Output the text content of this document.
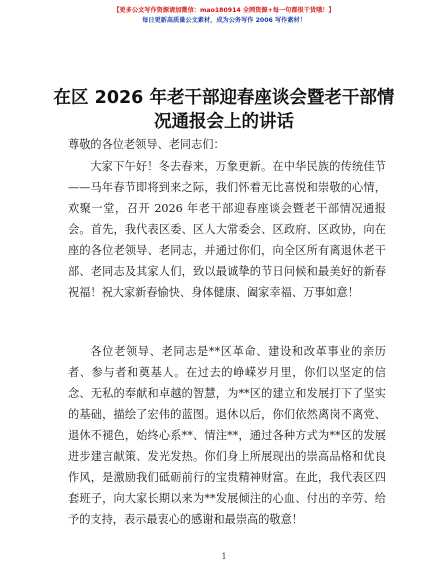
【更多公文写作资源请加微信：mao180914 全网资源+每一句都很干货哦！】
每日更新高质量公文素材，成为公务写作 2006 写作素材！
在区 2026 年老干部迎春座谈会暨老干部情况通报会上的讲话
尊敬的各位老领导、老同志们：
大家下午好！冬去春来，万象更新。在中华民族的传统佳节——马年春节即将到来之际，我们怀着无比喜悦和崇敬的心情，欢聚一堂，召开 2026 年老干部迎春座谈会暨老干部情况通报会。首先，我代表区委、区人大常委会、区政府、区政协，向在座的各位老领导、老同志，并通过你们，向全区所有离退休老干部、老同志及其家人们，致以最诚挚的节日问候和最美好的新春祝福！祝大家新春愉快、身体健康、阖家幸福、万事如意！
各位老领导、老同志是**区革命、建设和改革事业的亲历者、参与者和奠基人。在过去的峥嵘岁月里，你们以坚定的信念、无私的奉献和卓越的智慧，为**区的建立和发展打下了坚实的基础，描绘了宏伟的蓝图。退休以后，你们依然离岗不离党、退休不褪色，始终心系**、情注**，通过各种方式为**区的发展进步建言献策、发光发热。你们身上所展现出的崇高品格和优良作风，是激励我们砥砺前行的宝贵精神财富。在此，我代表区四套班子，向大家长期以来为**发展倾注的心血、付出的辛劳、给予的支持，表示最衷心的感谢和最崇高的敬意！
1
